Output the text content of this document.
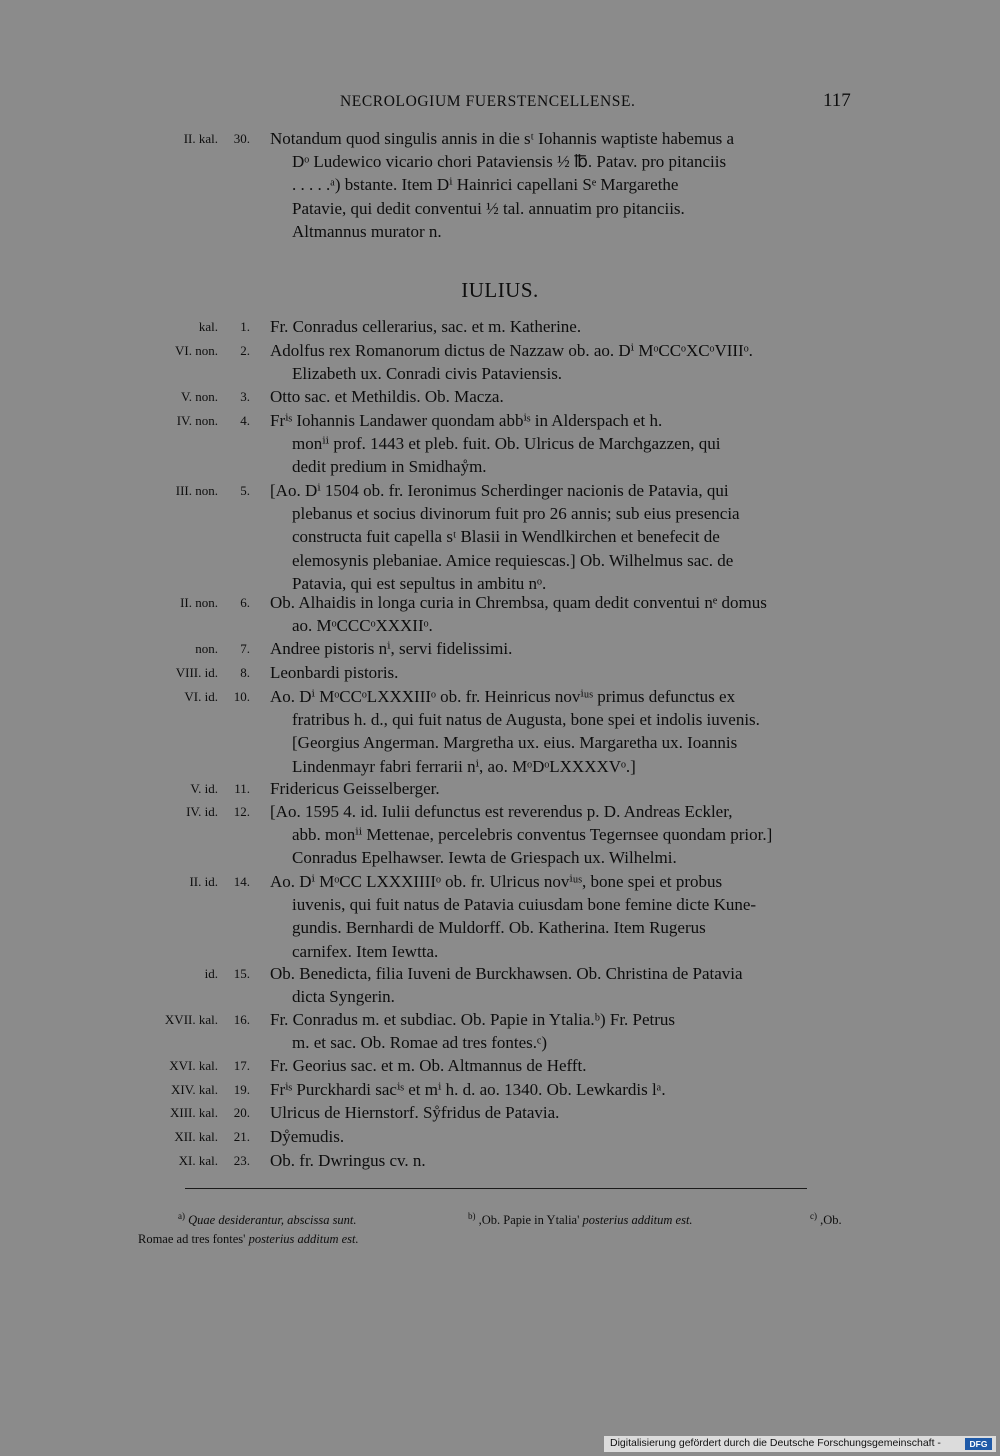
NECROLOGIUM FUERSTENCELLENSE.	117
II. kal. 30. Notandum quod singulis annis in die sᵗ Iohannis waptiste habemus a

Dᵒ Ludewico vicario chori Pataviensis ½ ℔. Patav. pro pitanciis

. . . . .ᵃ) bstante. Item Dⁱ Hainrici capellani Sᵉ Margarethe

Patavie, qui dedit conventui ½ tal. annuatim pro pitanciis.

Altmannus murator n.

IULIUS.
kal. 1. Fr. Conradus cellerarius, sac. et m. Katherine.

VI. non. 2. Adolfus rex Romanorum dictus de Nazzaw ob. ao. Dⁱ MᵒCCᵒXCᵒVIIIᵒ.

Elizabeth ux. Conradi civis Pataviensis.

V. non. 3. Otto sac. et Methildis. Ob. Macza.

IV. non. 4. Frⁱˢ Iohannis Landawer quondam abbⁱˢ in Alderspach et h.

monⁱⁱ prof. 1443 et pleb. fuit. Ob. Ulricus de Marchgazzen, qui

dedit predium in Smidhaẙm.

III. non. 5. [Ao. Dⁱ 1504 ob. fr. Ieronimus Scherdinger nacionis de Patavia, qui

plebanus et socius divinorum fuit pro 26 annis; sub eius presencia

constructa fuit capella sᵗ Blasii in Wendlkirchen et benefecit de

elemosynis plebaniae. Amice requiescas.] Ob. Wilhelmus sac. de

Patavia, qui est sepultus in ambitu nᵒ.

II. non. 6. Ob. Alhaidis in longa curia in Chrembsa, quam dedit conventui nᵉ domus

ao. MᵒCCCᵒXXXIIᵒ.

non. 7. Andree pistoris nⁱ, servi fidelissimi.

VIII. id. 8. Leonbardi pistoris.

VI. id. 10. Ao. Dⁱ MᵒCCᵒLXXXIIIᵒ ob. fr. Heinricus novⁱᵘˢ primus defunctus ex

fratribus h. d., qui fuit natus de Augusta, bone spei et indolis iuvenis.

[Georgius Angerman. Margretha ux. eius. Margaretha ux. Ioannis

Lindenmayr fabri ferrarii nⁱ, ao. MᵒDᵒLXXXXVᵒ.]

V. id. 11. Fridericus Geisselberger.

IV. id. 12. [Ao. 1595 4. id. Iulii defunctus est reverendus p. D. Andreas Eckler,

abb. monⁱⁱ Mettenae, percelebris conventus Tegernsee quondam prior.]

Conradus Epelhawser. Iewta de Griespach ux. Wilhelmi.

II. id. 14. Ao. Dⁱ MᵒCC LXXXIIIIᵒ ob. fr. Ulricus novⁱᵘˢ, bone spei et probus

iuvenis, qui fuit natus de Patavia cuiusdam bone femine dicte Kune-

gundis. Bernhardi de Muldorff. Ob. Katherina. Item Rugerus

carnifex. Item Iewtta.

id. 15. Ob. Benedicta, filia Iuveni de Burckhawsen. Ob. Christina de Patavia

dicta Syngerin.

XVII. kal. 16. Fr. Conradus m. et subdiac. Ob. Papie in Ytalia.ᵇ) Fr. Petrus

m. et sac. Ob. Romae ad tres fontes.ᶜ)

XVI. kal. 17. Fr. Georius sac. et m. Ob. Altmannus de Hefft.

XIV. kal. 19. Frⁱˢ Purckhardi sacⁱˢ et mⁱ h. d. ao. 1340. Ob. Lewkardis lᵃ.

XIII. kal. 20. Ulricus de Hiernstorf. Sẙfridus de Patavia.

XII. kal. 21. Dẙemudis.

XI. kal. 23. Ob. fr. Dwringus cv. n.

$^{a)}$ Quae desiderantur, abscissa sunt.	$^{b)}$ ,Ob. Papie in Ytalia' posterius additum est.	$^{c)}$ ,Ob.
Romae ad tres fontes' posterius additum est.
Digitalisierung gefördert durch die Deutsche Forschungsgemeinschaft -	DFG
